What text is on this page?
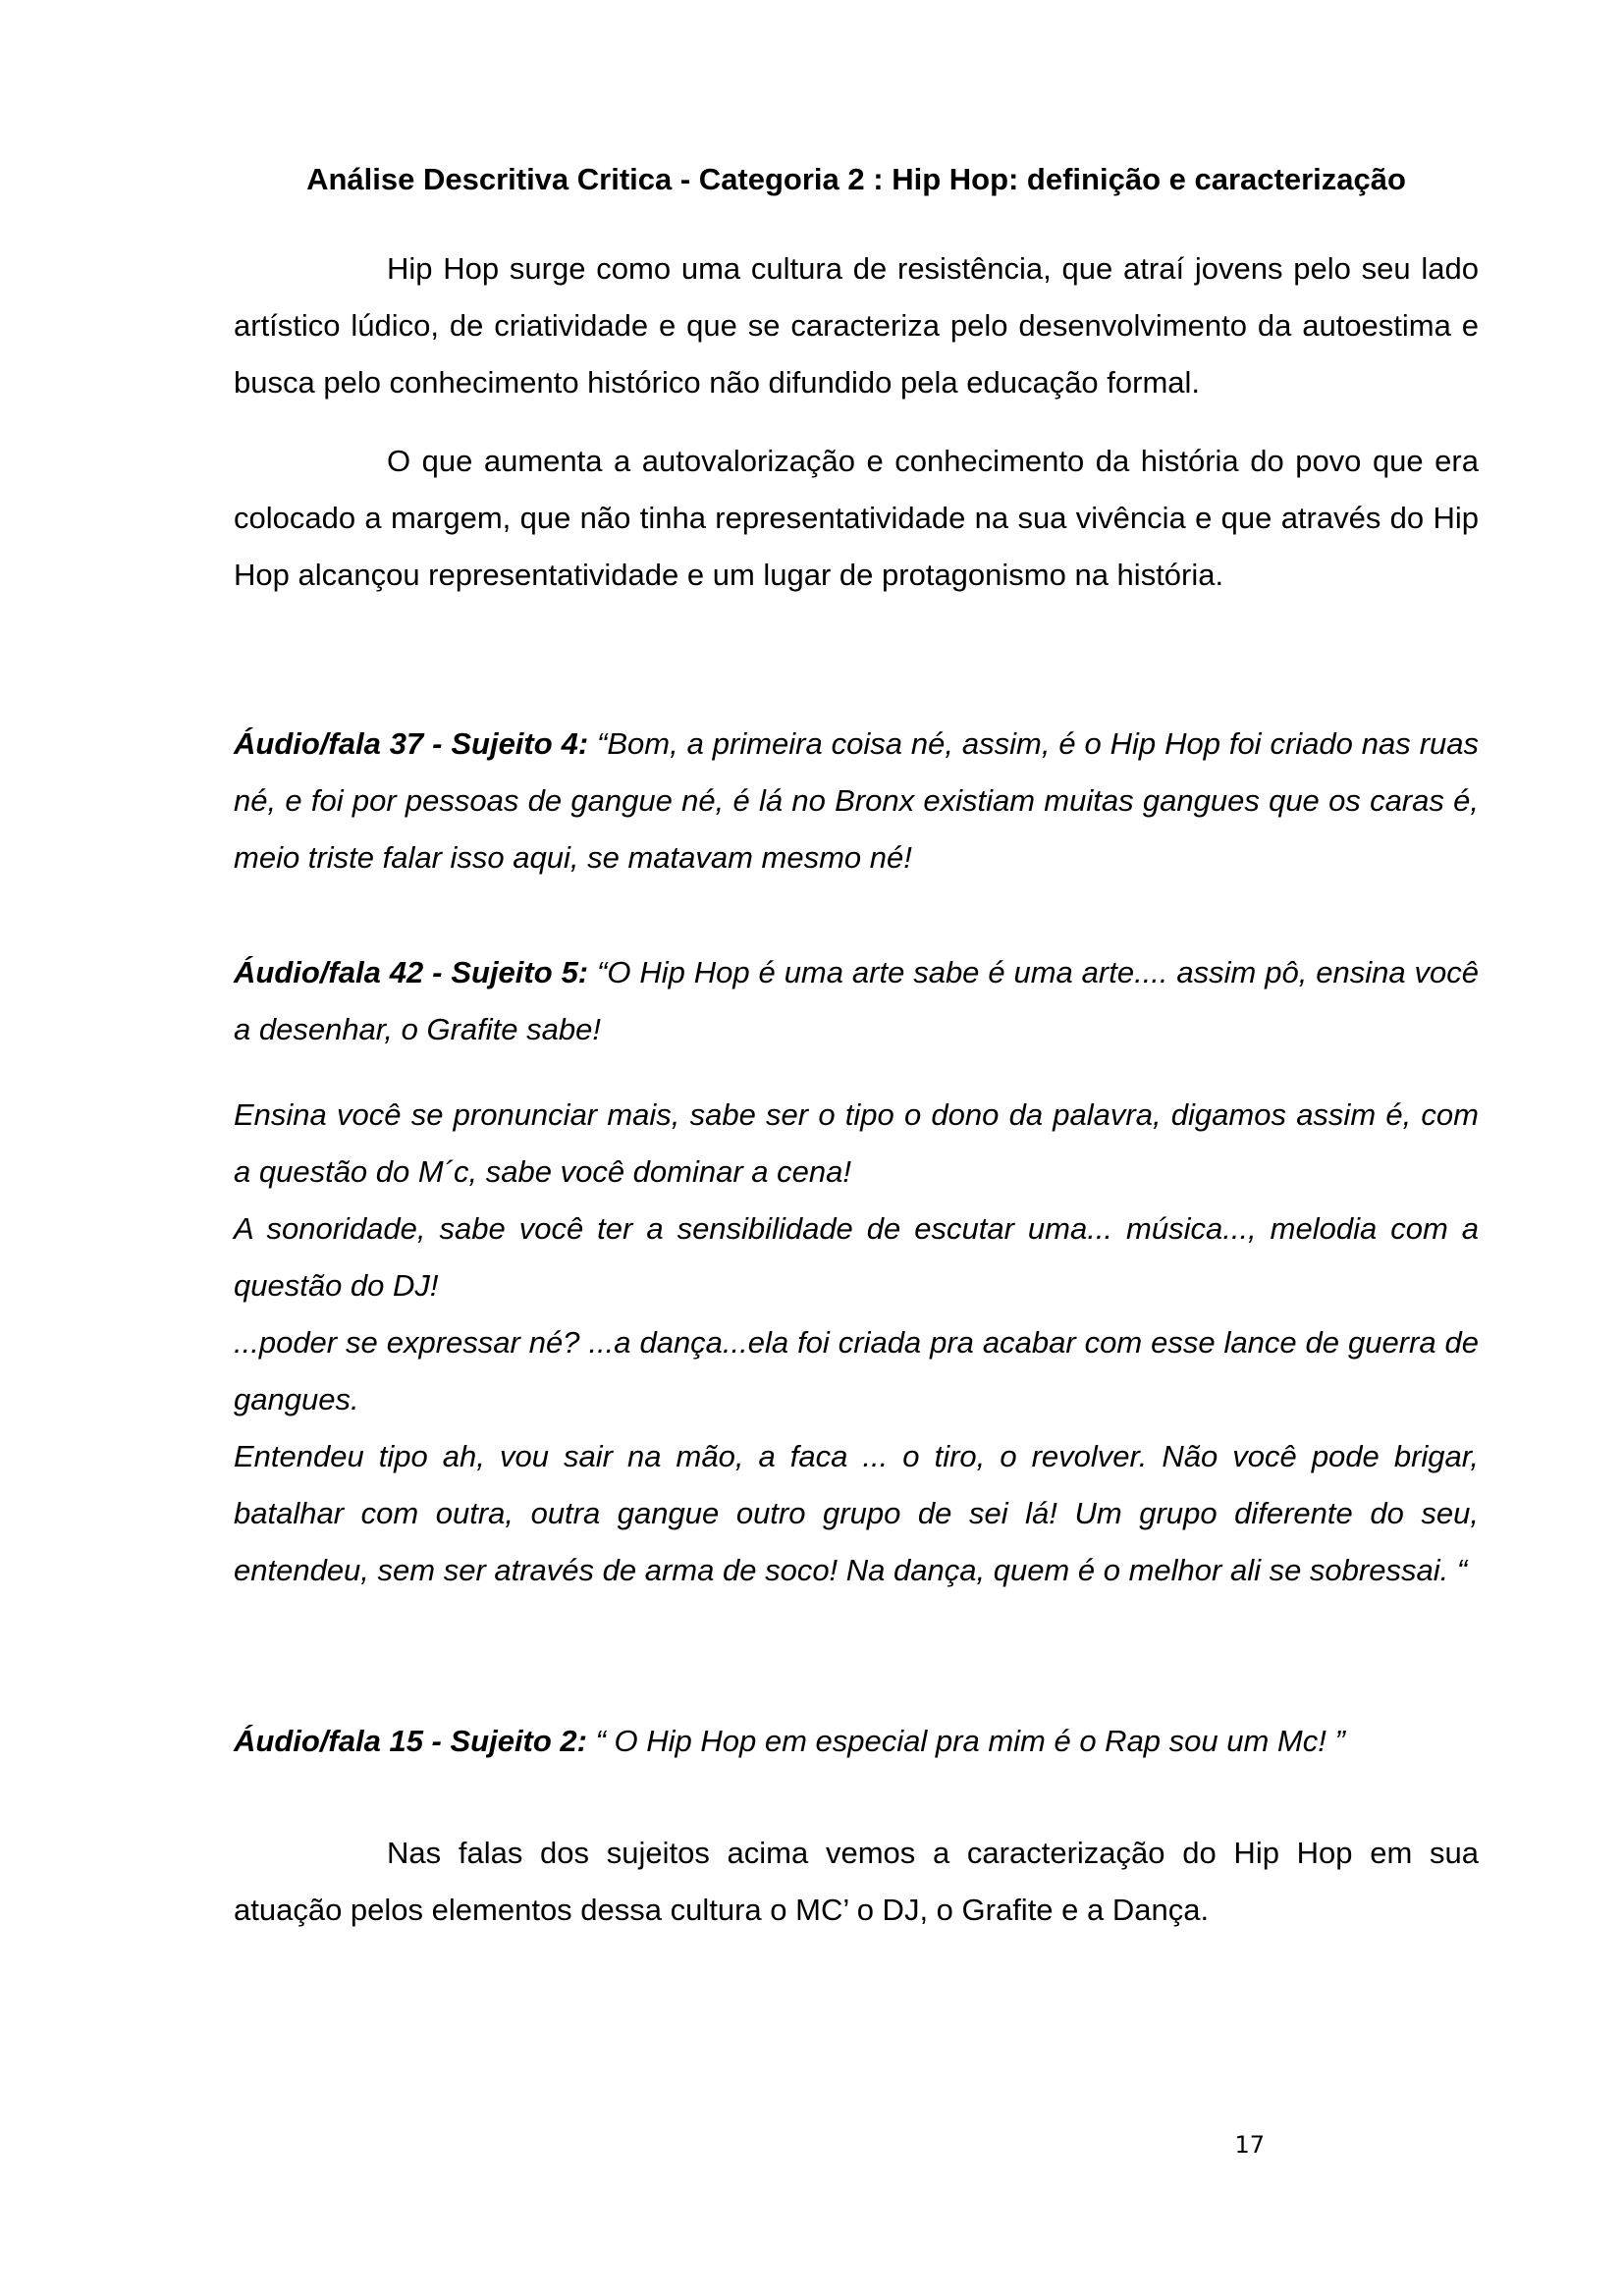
Análise Descritiva Critica - Categoria 2 : Hip Hop: definição e caracterização

Hip Hop surge como uma cultura de resistência, que atraí jovens pelo seu lado artístico lúdico, de criatividade e que se caracteriza pelo desenvolvimento da autoestima e busca pelo conhecimento histórico não difundido pela educação formal.

O que aumenta a autovalorização e conhecimento da história do povo que era colocado a margem, que não tinha representatividade na sua vivência e que através do Hip Hop alcançou representatividade e um lugar de protagonismo na história.

Áudio/fala 37 - Sujeito 4: “Bom, a primeira coisa né, assim, é o Hip Hop foi criado nas ruas né, e foi por pessoas de gangue né, é lá no Bronx existiam muitas gangues que os caras é, meio triste falar isso aqui, se matavam mesmo né!

Áudio/fala 42 - Sujeito 5: “O Hip Hop é uma arte sabe é uma arte.... assim pô, ensina você a desenhar, o Grafite sabe!

Ensina você se pronunciar mais, sabe ser o tipo o dono da palavra, digamos assim é, com a questão do M´c, sabe você dominar a cena!

A sonoridade, sabe você ter a sensibilidade de escutar uma... música..., melodia com a questão do DJ!

...poder se expressar né? ...a dança...ela foi criada pra acabar com esse lance de guerra de gangues.

Entendeu tipo ah, vou sair na mão, a faca ... o tiro, o revolver. Não você pode brigar, batalhar com outra, outra gangue outro grupo de sei lá! Um grupo diferente do seu, entendeu, sem ser através de arma de soco! Na dança, quem é o melhor ali se sobressai. “

Áudio/fala 15 - Sujeito 2: “ O Hip Hop em especial pra mim é o Rap sou um Mc! ”

Nas falas dos sujeitos acima vemos a caracterização do Hip Hop em sua atuação pelos elementos dessa cultura o MC’ o DJ, o Grafite e a Dança.

17
